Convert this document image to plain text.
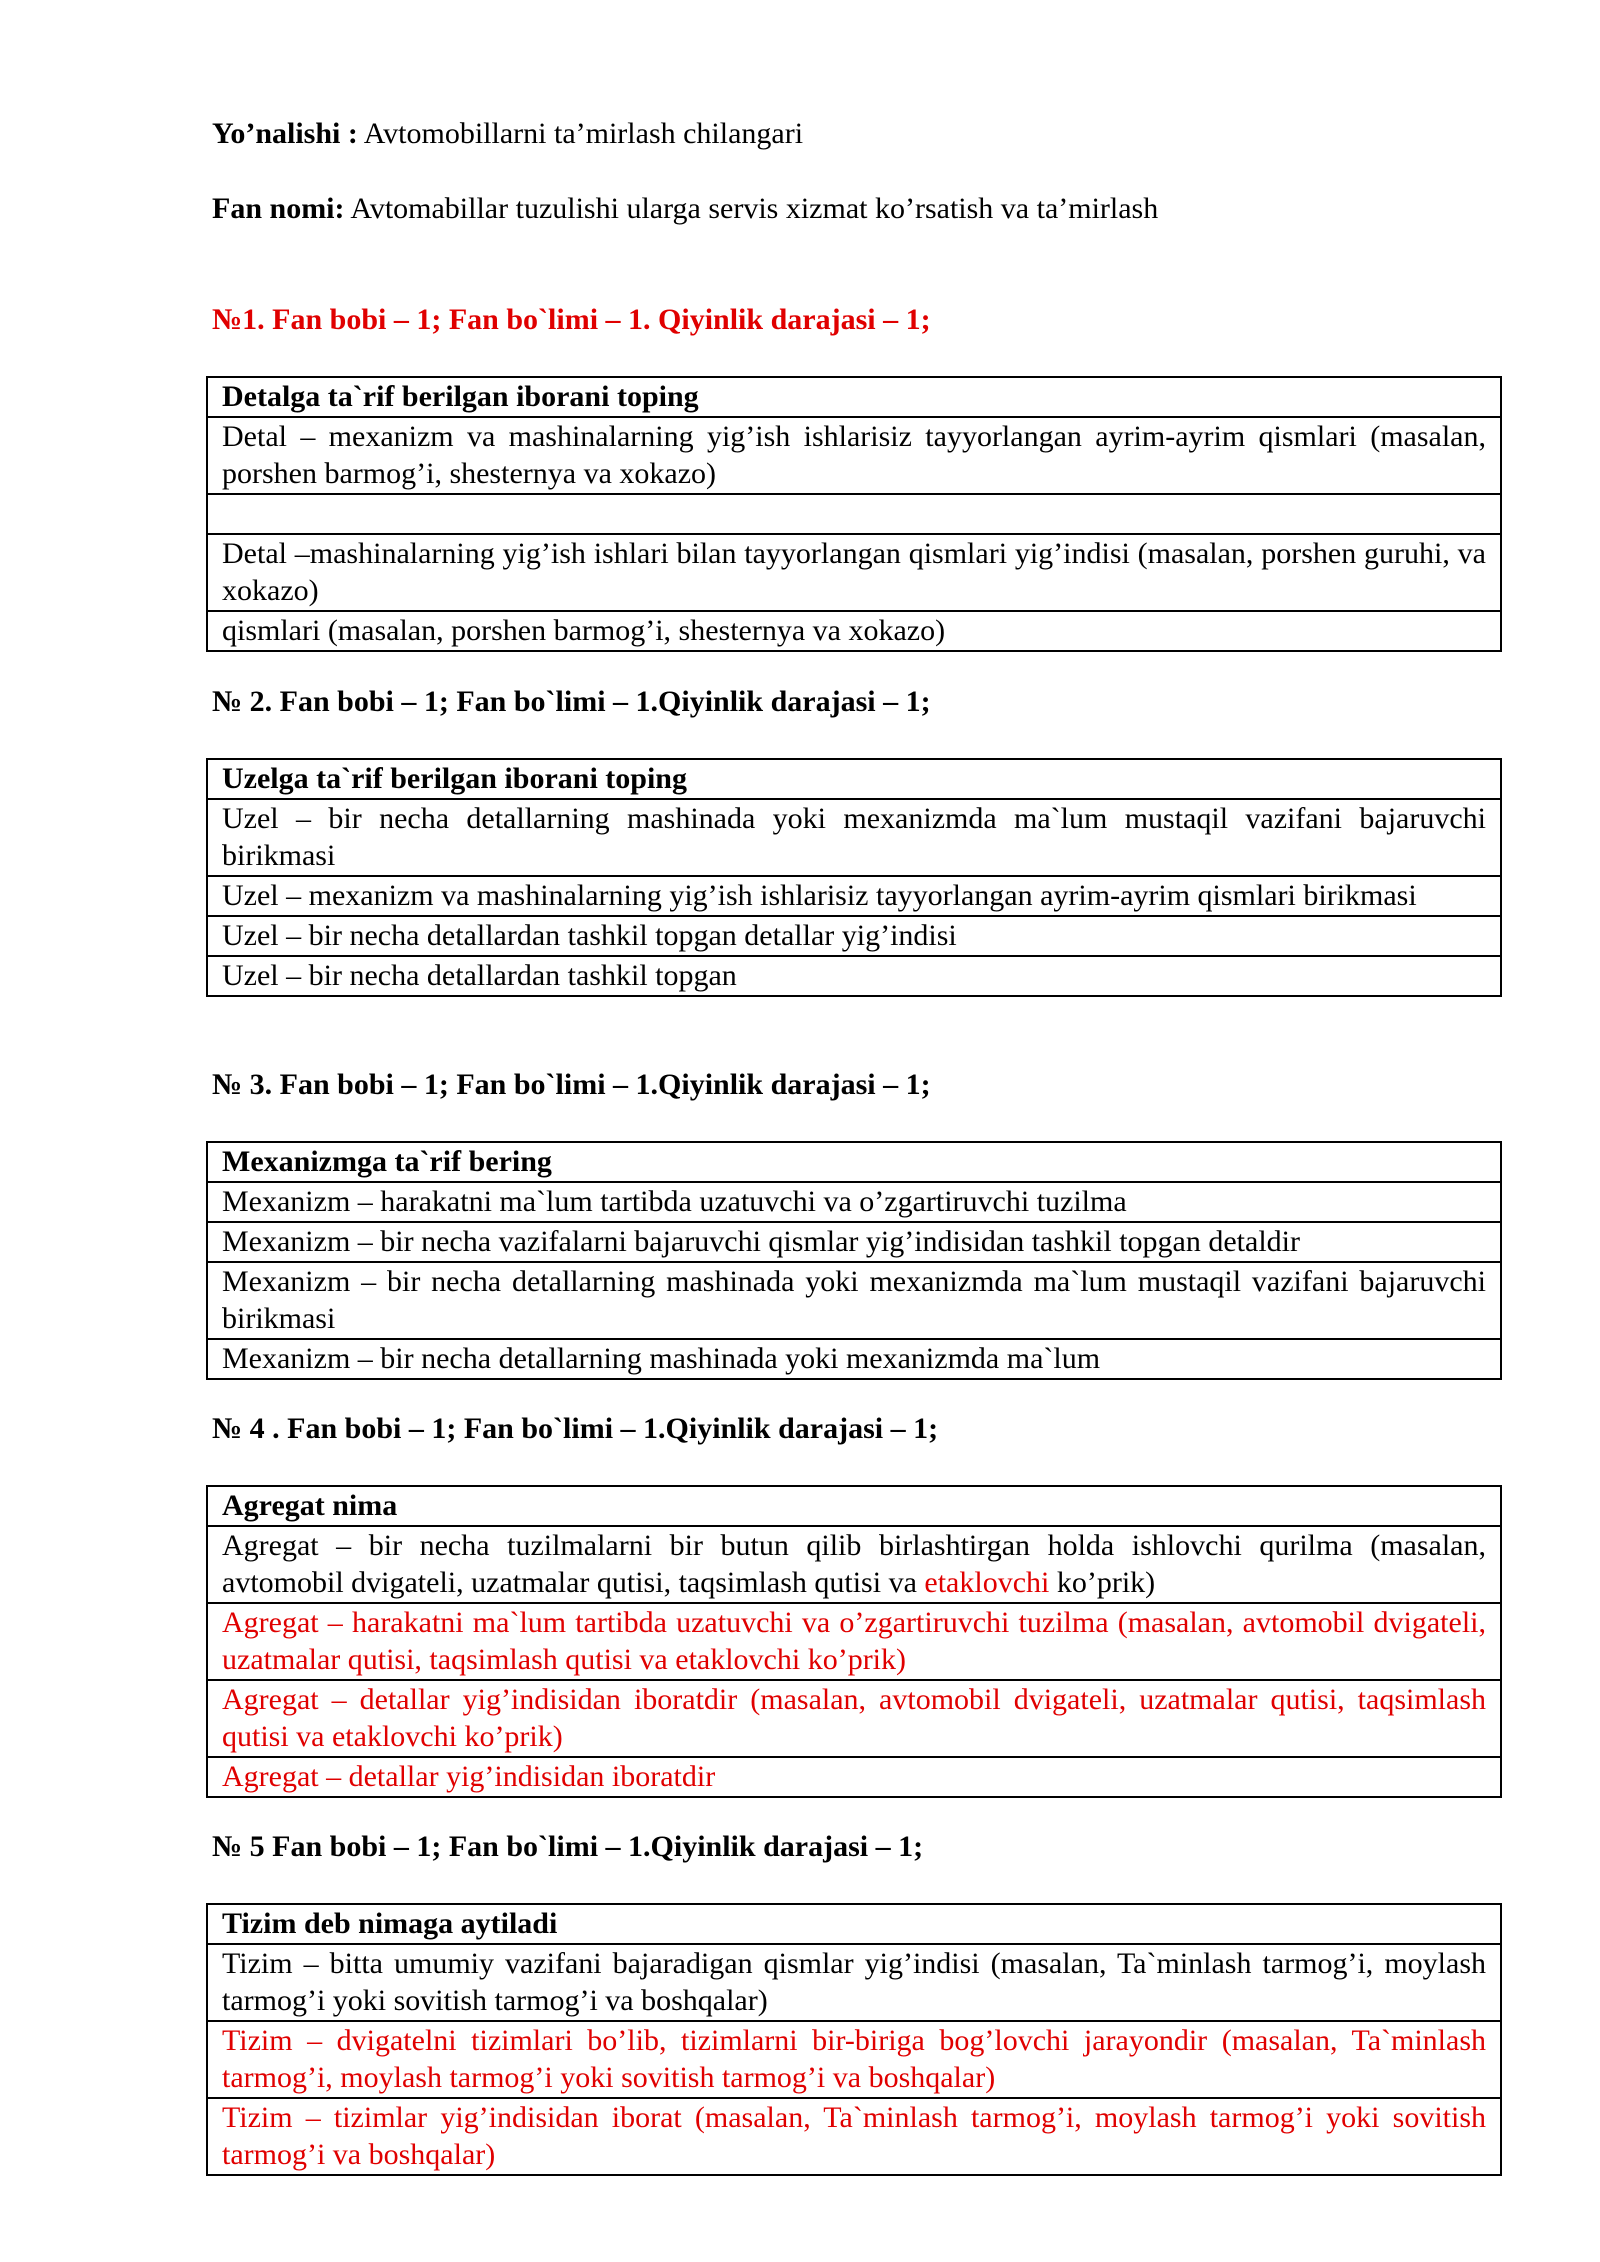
Yo’nalishi : Avtomobillarni ta’mirlash chilangari
Fan nomi: Avtomabillar tuzulishi ularga servis xizmat ko’rsatish va ta’mirlash
№1. Fan bobi – 1; Fan bo`limi – 1. Qiyinlik darajasi – 1;
Detalga ta`rif berilgan iborani toping
Detal – mexanizm va mashinalarning yig’ish ishlarisiz tayyorlangan ayrim-ayrim qismlari (masalan, porshen barmog’i, shesternya va xokazo)

Detal –mashinalarning yig’ish ishlari bilan tayyorlangan qismlari yig’indisi (masalan, porshen guruhi, va xokazo)
qismlari (masalan, porshen barmog’i, shesternya va xokazo)
№ 2. Fan bobi – 1; Fan bo`limi – 1.Qiyinlik darajasi – 1;
Uzelga ta`rif berilgan iborani toping
Uzel – bir necha detallarning mashinada yoki mexanizmda ma`lum mustaqil vazifani bajaruvchi birikmasi
Uzel – mexanizm va mashinalarning yig’ish ishlarisiz tayyorlangan ayrim-ayrim qismlari birikmasi
Uzel – bir necha detallardan tashkil topgan detallar yig’indisi
Uzel – bir necha detallardan tashkil topgan
№ 3. Fan bobi – 1; Fan bo`limi – 1.Qiyinlik darajasi – 1;
Mexanizmga ta`rif bering
Mexanizm – harakatni ma`lum tartibda uzatuvchi va o’zgartiruvchi tuzilma
Mexanizm – bir necha vazifalarni bajaruvchi qismlar yig’indisidan tashkil topgan detaldir
Mexanizm – bir necha detallarning mashinada yoki mexanizmda ma`lum mustaqil vazifani bajaruvchi birikmasi
Mexanizm – bir necha detallarning mashinada yoki mexanizmda ma`lum
№ 4 . Fan bobi – 1; Fan bo`limi – 1.Qiyinlik darajasi – 1;
Agregat nima
Agregat – bir necha tuzilmalarni bir butun qilib birlashtirgan holda ishlovchi qurilma (masalan, avtomobil dvigateli, uzatmalar qutisi, taqsimlash qutisi va etaklovchi ko’prik)
Agregat – harakatni ma`lum tartibda uzatuvchi va o’zgartiruvchi tuzilma (masalan, avtomobil dvigateli, uzatmalar qutisi, taqsimlash qutisi va etaklovchi ko’prik)
Agregat – detallar yig’indisidan iboratdir (masalan, avtomobil dvigateli, uzatmalar qutisi, taqsimlash qutisi va etaklovchi ko’prik)
Agregat – detallar yig’indisidan iboratdir
№ 5 Fan bobi – 1; Fan bo`limi – 1.Qiyinlik darajasi – 1;
Tizim deb nimaga aytiladi
Tizim – bitta umumiy vazifani bajaradigan qismlar yig’indisi (masalan, Ta`minlash tarmog’i, moylash tarmog’i yoki sovitish tarmog’i va boshqalar)
Tizim – dvigatelni tizimlari bo’lib, tizimlarni bir-biriga bog’lovchi jarayondir (masalan, Ta`minlash tarmog’i, moylash tarmog’i yoki sovitish tarmog’i va boshqalar)
Tizim – tizimlar yig’indisidan iborat (masalan, Ta`minlash tarmog’i, moylash tarmog’i yoki sovitish tarmog’i va boshqalar)
